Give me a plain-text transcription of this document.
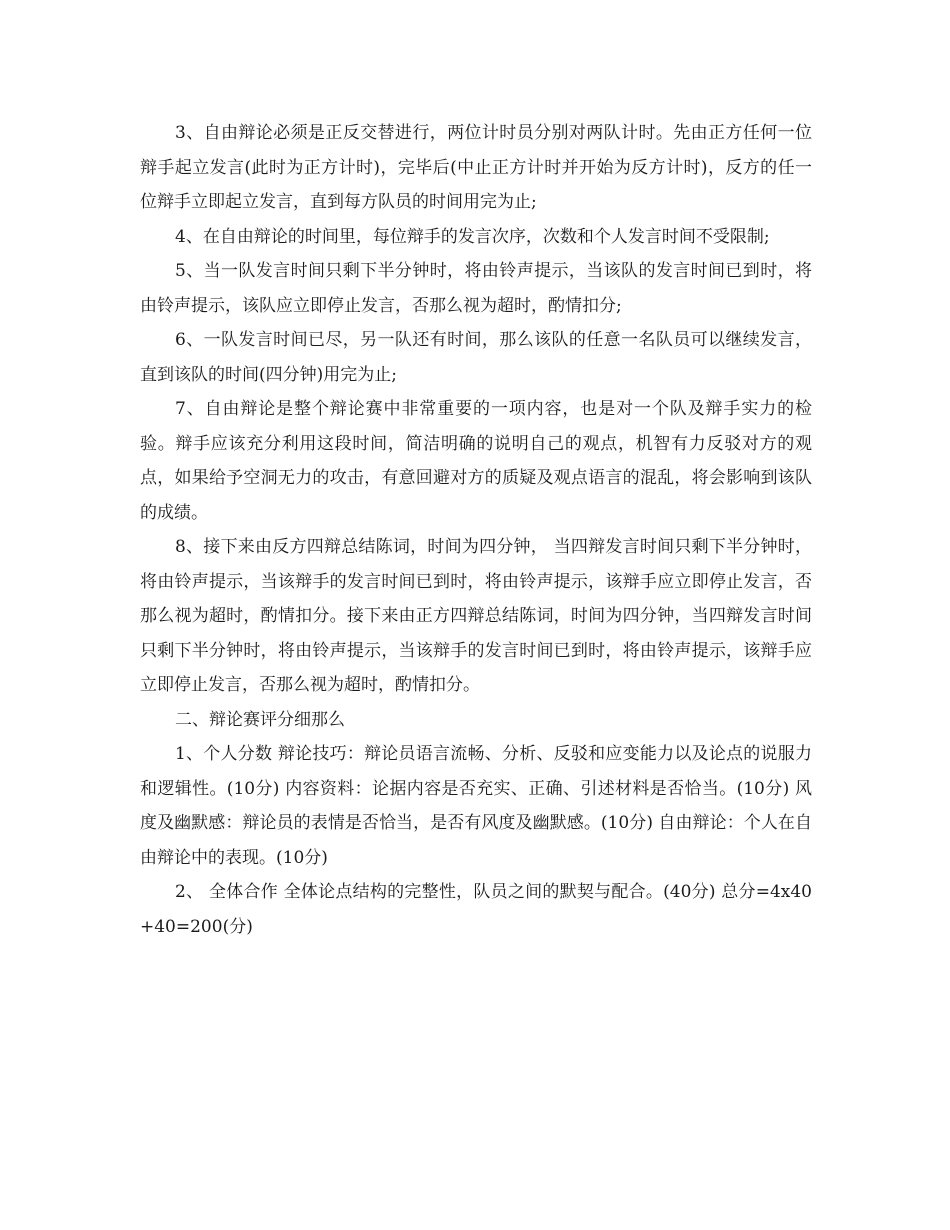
3、自由辩论必须是正反交替进行，两位计时员分别对两队计时。先由正方任何一位辩手起立发言(此时为正方计时)，完毕后(中止正方计时并开始为反方计时)，反方的任一位辩手立即起立发言，直到每方队员的时间用完为止;

4、在自由辩论的时间里，每位辩手的发言次序，次数和个人发言时间不受限制;

5、当一队发言时间只剩下半分钟时，将由铃声提示，当该队的发言时间已到时，将由铃声提示，该队应立即停止发言，否那么视为超时，酌情扣分;

6、一队发言时间已尽，另一队还有时间，那么该队的任意一名队员可以继续发言，直到该队的时间(四分钟)用完为止;

7、自由辩论是整个辩论赛中非常重要的一项内容，也是对一个队及辩手实力的检验。辩手应该充分利用这段时间，简洁明确的说明自己的观点，机智有力反驳对方的观点，如果给予空洞无力的攻击，有意回避对方的质疑及观点语言的混乱，将会影响到该队的成绩。

8、接下来由反方四辩总结陈词，时间为四分钟， 当四辩发言时间只剩下半分钟时，将由铃声提示，当该辩手的发言时间已到时，将由铃声提示，该辩手应立即停止发言，否那么视为超时，酌情扣分。接下来由正方四辩总结陈词，时间为四分钟，当四辩发言时间只剩下半分钟时，将由铃声提示，当该辩手的发言时间已到时，将由铃声提示，该辩手应立即停止发言，否那么视为超时，酌情扣分。

二、辩论赛评分细那么

1、个人分数 辩论技巧：辩论员语言流畅、分析、反驳和应变能力以及论点的说服力和逻辑性。(10分) 内容资料：论据内容是否充实、正确、引述材料是否恰当。(10分) 风度及幽默感：辩论员的表情是否恰当，是否有风度及幽默感。(10分) 自由辩论：个人在自由辩论中的表现。(10分)

2、 全体合作 全体论点结构的完整性，队员之间的默契与配合。(40分) 总分=4x40+40=200(分)
